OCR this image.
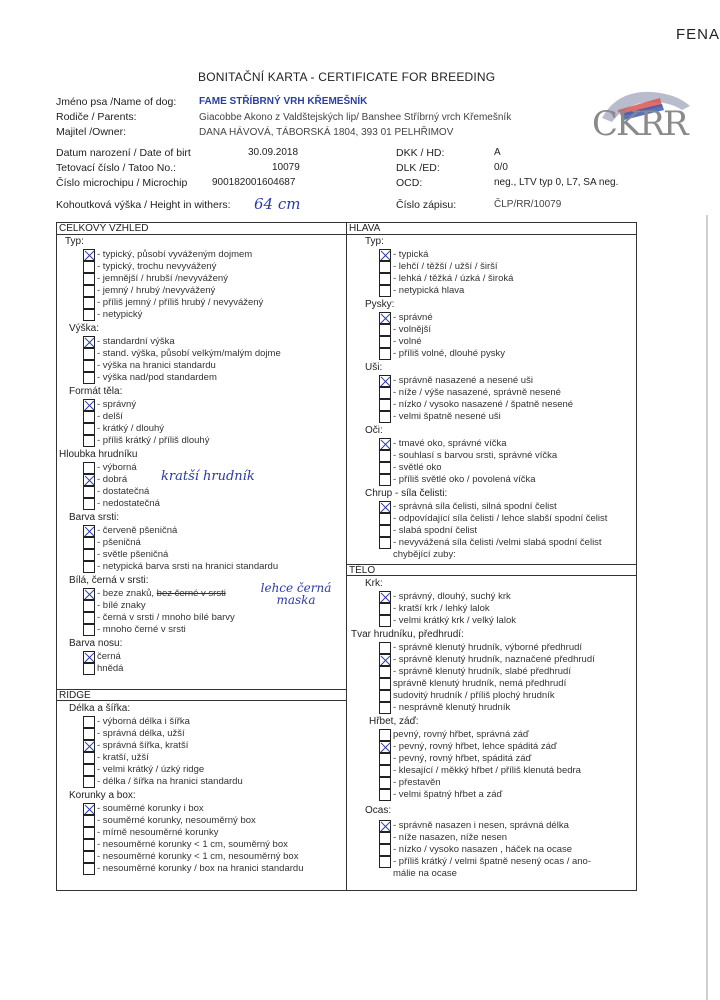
FENA
BONITAČNÍ KARTA - CERTIFICATE FOR BREEDING
CKRR
Jméno psa /Name of dog: FAME STŘÍBRNÝ VRH KŘEMEŠNÍK
Rodiče / Parents:	Giacobbe Akono z Valdštejských lip/ Banshee Stříbrný vrch Křemešník
Majitel /Owner:	DANA HÁVOVÁ, TÁBORSKÁ 1804, 393 01 PELHŘIMOV
Datum narození / Date of birt	30.09.2018
Tetovací číslo / Tatoo No.:	10079
Číslo microchipu / Microchip 900182001604687
Kohoutková výška / Height in withers: 64 cm
DKK / HD:	A
DLK /ED:	0/0
OCD:	neg., LTV typ 0, L7, SA neg.
Číslo zápisu:	ČLP/RR/10079
CELKOVÝ VZHLED
Typ:
- typický, působí vyváženým dojmem
- typický, trochu nevyvážený
- jemnější / hrubší /nevyvážený
- jemný / hrubý /nevyvážený
- příliš jemný / příliš hrubý / nevyvážený
- netypický
Výška:
- standardní výška
- stand. výška, působí velkým/malým dojme
- výška na hranici standardu
- výška nad/pod standardem
Formát těla:
- správný
- delší
- krátký / dlouhý
- příliš krátký / příliš dlouhý
Hloubka hrudníku
- výborná
- dobrá	kratší hrudník
- dostatečná
- nedostatečná
Barva srsti:
- červeně pšeničná
- pšeničná
- světle pšeničná
- netypická barva srsti na hranici standardu
Bílá, černá v srsti:
- beze znaků, bez černé v srsti	lehce černá maska
- bílé znaky
- černá v srsti / mnoho bílé barvy
- mnoho černé v srsti
Barva nosu:
černá
hnědá
RIDGE
Délka a šířka:
- výborná délka i šířka
- správná délka, užší
- správná šířka, kratší
- kratší, užší
- velmi krátký / úzký ridge
- délka / šířka na hranici standardu
Korunky a box:
- souměrné korunky i box
- souměrné korunky, nesouměrný box
- mírně nesouměrné korunky
- nesouměrné korunky < 1 cm, souměrný box
- nesouměrné korunky < 1 cm, nesouměrný box
- nesouměrné korunky / box na hranici standardu
HLAVA
Typ:
- typická
- lehčí / těžší / užší / širší
- lehká / těžká / úzká / široká
- netypická hlava
Pysky:
- správné
- volnější
- volné
- příliš volné, dlouhé pysky
Uši:
- správně nasazené a nesené uši
- níže / výše nasazené, správně nesené
- nízko / vysoko nasazené / špatně nesené
- velmi špatně nesené uši
Oči:
- tmavé oko, správné víčka
- souhlasí s barvou srsti, správné víčka
- světlé oko
- příliš světlé oko / povolená víčka
Chrup - síla čelisti:
- správná síla čelisti, silná spodní čelist
- odpovídající síla čelisti / lehce slabší spodní čelist
- slabá spodní čelist
- nevyvážená síla čelisti /velmi slabá spodní čelist
chybějící zuby:
TĚLO
Krk:
- správný, dlouhý, suchý krk
- kratší krk / lehký lalok
- velmi krátký krk / velký lalok
Tvar hrudníku, předhrudí:
- správně klenutý hrudník, výborné předhrudí
- správně klenutý hrudník, naznačené předhrudí
- správně klenutý hrudník, slabé předhrudí
správně klenutý hrudník, nemá předhrudí
sudovitý hrudník / příliš plochý hrudník
- nesprávně klenutý hrudník
Hřbet, záď:
pevný, rovný hřbet, správná záď
- pevný, rovný hřbet, lehce spáditá záď
- pevný, rovný hřbet, spáditá záď
- klesající / měkký hřbet / příliš klenutá bedra
- přestavěn
- velmi špatný hřbet a záď
Ocas:
- správně nasazen i nesen, správná délka
- níže nasazen, níže nesen
- nízko / vysoko nasazen , háček na ocase
- příliš krátký / velmi špatně nesený ocas / ano-
málie na ocase
